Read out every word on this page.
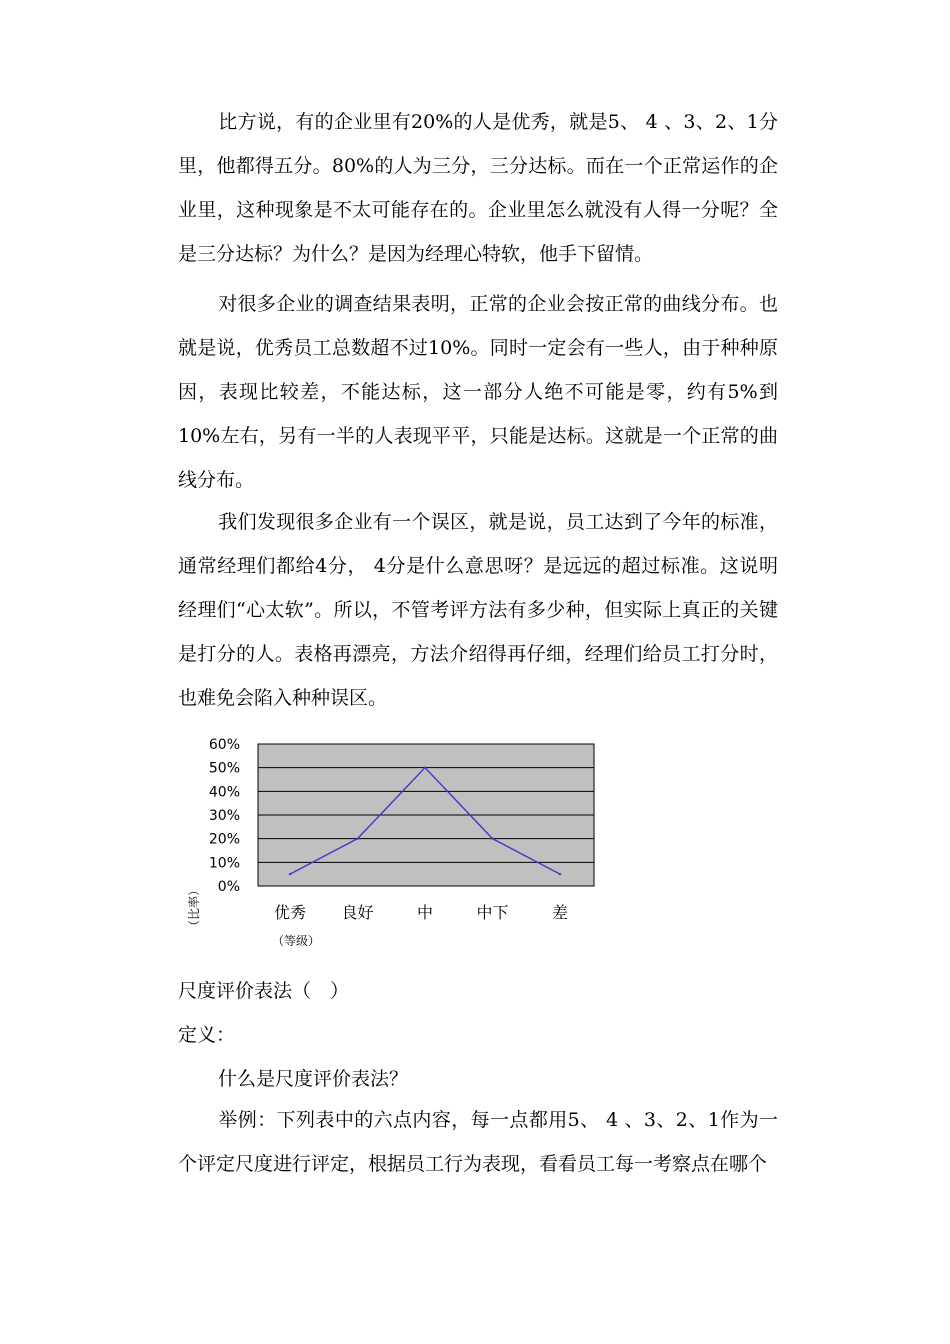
比方说，有的企业里有20%的人是优秀，就是5、 4 、3、2、1分里，他都得五分。80%的人为三分，三分达标。而在一个正常运作的企业里，这种现象是不太可能存在的。企业里怎么就没有人得一分呢？全是三分达标？为什么？是因为经理心特软，他手下留情。

对很多企业的调查结果表明，正常的企业会按正常的曲线分布。也就是说，优秀员工总数超不过10%。同时一定会有一些人，由于种种原因，表现比较差，不能达标，这一部分人绝不可能是零，约有5%到10%左右，另有一半的人表现平平，只能是达标。这就是一个正常的曲线分布。

我们发现很多企业有一个误区，就是说，员工达到了今年的标准，通常经理们都给4分， 4分是什么意思呀？是远远的超过标准。这说明经理们“心太软”。所以，不管考评方法有多少种，但实际上真正的关键是打分的人。表格再漂亮，方法介绍得再仔细，经理们给员工打分时，也难免会陷入种种误区。

0%
10%
20%
30%
40%
50%
60%
优秀 良好	中	中下	差
（比率）
（等级）

尺度评价表法（　）

定义：

什么是尺度评价表法？

举例：下列表中的六点内容，每一点都用5、 4 、3、2、1作为一个评定尺度进行评定，根据员工行为表现，看看员工每一考察点在哪个
